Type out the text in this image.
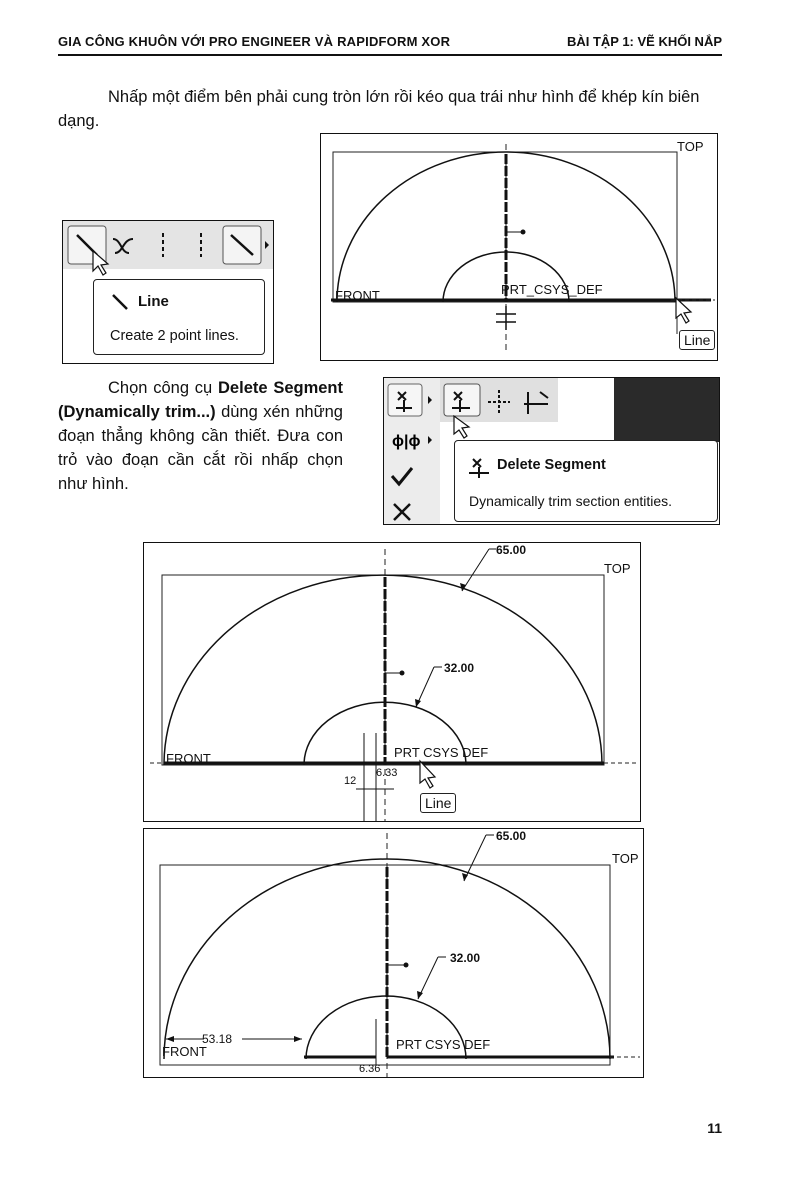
GIA CÔNG KHUÔN VỚI PRO ENGINEER VÀ RAPIDFORM XOR	BÀI TẬP 1: VẼ KHỐI NẮP
Nhấp một điểm bên phải cung tròn lớn rồi kéo qua trái như hình để khép kín biên dạng.
Line
Create 2 point lines.
TOP
FRONT	PRT_CSYS_DEF
Line
Chọn công cụ Delete Segment (Dynamically trim...) dùng xén những đoạn thẳng không cần thiết. Đưa con trỏ vào đoạn cần cắt rồi nhấp chọn như hình.
ɸ|ɸ
Delete Segment
Dynamically trim section entities.
TOP
FRONT	PRT CSYS DEF
65.00
32.00
6.33
12
Line
TOP
FRONT	PRT CSYS DEF
65.00
32.00
53.18
6.36
11
